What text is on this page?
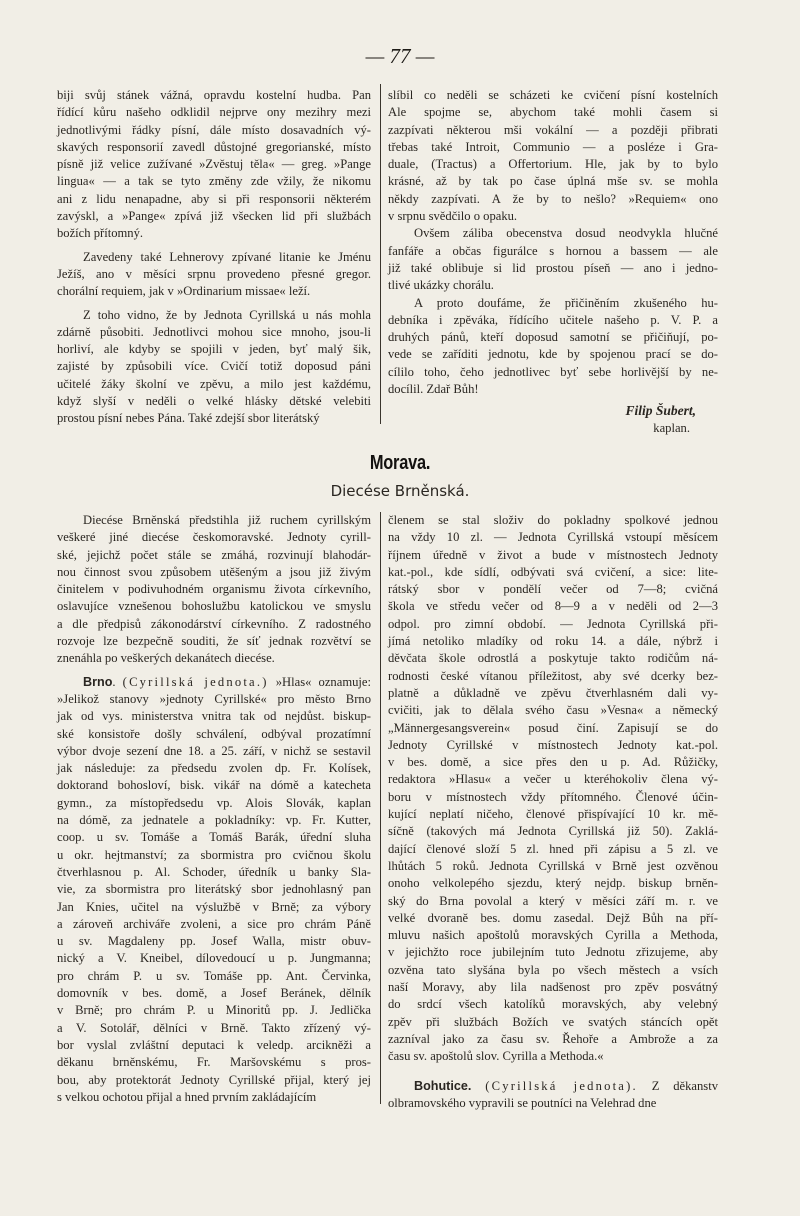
— 77 —

biji svůj stánek vážná, opravdu kostelní hudba. Pan
řídící kůru našeho odklidil nejprve ony mezihry mezi
jednotlivými řádky písní, dále místo dosavadních vý-
skavých responsorií zavedl důstojné gregorianské, místo
písně již velice zužívané »Zvěstuj těla« — greg. »Pange
lingua« — a tak se tyto změny zde vžily, že nikomu
ani z lidu nenapadne, aby si při responsorii některém
zavýskl, a »Pange« zpívá již všecken lid při službách
božích přítomný.

Zavedeny také Lehnerovy zpívané litanie ke Jménu
Ježíš, ano v měsíci srpnu provedeno přesné gregor.
chorální requiem, jak v »Ordinarium missae« leží.

Z toho vidno, že by Jednota Cyrillská u nás mohla
zdárně působiti. Jednotlivci mohou sice mnoho, jsou-li
horliví, ale kdyby se spojili v jeden, byť malý šik,
zajisté by způsobili více. Cvičí totiž doposud páni
učitelé žáky školní ve zpěvu, a milo jest každému,
když slyší v neděli o velké hlásky dětské velebiti
prostou písní nebes Pána. Také zdejší sbor literátský

slíbil co neděli se scházeti ke cvičení písní kostelních
Ale spojme se, abychom také mohli časem si
zazpívati některou mši vokální — a později přibrati
třebas také Introit, Communio — a posléze i Gra-
duale, (Tractus) a Offertorium. Hle, jak by to bylo
krásné, až by tak po čase úplná mše sv. se mohla
někdy zazpívati. A že by to nešlo? »Requiem« ono
v srpnu svědčilo o opaku.

Ovšem záliba obecenstva dosud neodvykla hlučné
fanfáře a občas figurálce s hornou a bassem — ale
již také oblibuje si lid prostou píseň — ano i jedno-
tlivé ukázky chorálu.

A proto doufáme, že přičiněním zkušeného hu-
debníka i zpěváka, řídícího učitele našeho p. V. P. a
druhých pánů, kteří doposud samotní se přičiňují, po-
vede se zaříditi jednotu, kde by spojenou prací se do-
cílilo toho, čeho jednotlivec byť sebe horlivější by ne-
docílil. Zdař Bůh!

Filip Šubert,
kaplan.
Morava.
Diecése Brněnská.

Diecése Brněnská předstihla již ruchem cyrillským
veškeré jiné diecése českomoravské. Jednoty cyrill-
ské, jejichž počet stále se zmáhá, rozvinují blahodár-
nou činnost svou způsobem utěšeným a jsou již živým
činitelem v podivuhodném organismu života církevního,
oslavujíce vznešenou bohoslužbu katolickou ve smyslu
a dle předpisů zákonodárství církevního. Z radostného
rozvoje lze bezpečně souditi, že síť jednak rozvětví se
znenáhla po veškerých dekanátech diecése.

Brno. (Cyrillská jednota.) »Hlas« oznamuje:
»Jelikož stanovy »jednoty Cyrillské« pro město Brno
jak od vys. ministerstva vnitra tak od nejdůst. biskup-
ské konsistoře došly schválení, odbýval prozatímní
výbor dvoje sezení dne 18. a 25. září, v nichž se sestavil
jak následuje: za předsedu zvolen dp. Fr. Kolísek,
doktorand bohosloví, bisk. vikář na dómě a katecheta
gymn., za místopředsedu vp. Alois Slovák, kaplan
na dómě, za jednatele a pokladníky: vp. Fr. Kutter,
coop. u sv. Tomáše a Tomáš Barák, úřední sluha
u okr. hejtmanství; za sbormistra pro cvičnou školu
čtverhlasnou p. Al. Schoder, úředník u banky Sla-
vie, za sbormistra pro literátský sbor jednohlasný pan
Jan Knies, učitel na výslužbě v Brně; za výbory
a zároveň archiváře zvoleni, a sice pro chrám Páně
u sv. Magdaleny pp. Josef Walla, mistr obuv-
nický a V. Kneibel, dílovedoucí u p. Jungmanna;
pro chrám P. u sv. Tomáše pp. Ant. Červinka,
domovník v bes. domě, a Josef Beránek, dělník
v Brně; pro chrám P. u Minoritů pp. J. Jedlička
a V. Sotolář, dělníci v Brně. Takto zřízený vý-
bor vyslal zvláštní deputaci k veledp. arcikněži a
děkanu brněnskému, Fr. Maršovskému s pros-
bou, aby protektorát Jednoty Cyrillské přijal, který jej
s velkou ochotou přijal a hned prvním zakládajícím

členem se stal složiv do pokladny spolkové jednou
na vždy 10 zl. — Jednota Cyrillská vstoupí měsícem
říjnem úředně v život a bude v místnostech Jednoty
kat.-pol., kde sídlí, odbývati svá cvičení, a sice: lite-
rátský sbor v pondělí večer od 7—8; cvičná
škola ve středu večer od 8—9 a v neděli od 2—3
odpol. pro zimní období. — Jednota Cyrillská při-
jímá netoliko mladíky od roku 14. a dále, nýbrž i
děvčata škole odrostlá a poskytuje takto rodičům ná-
rodnosti české vítanou příležitost, aby své dcerky bez-
platně a důkladně ve zpěvu čtverhlasném dali vy-
cvičiti, jak to dělala svého času »Vesna« a německý
„Männergesangsverein« posud činí. Zapisují se do
Jednoty Cyrillské v místnostech Jednoty kat.-pol.
v bes. domě, a sice přes den u p. Ad. Růžičky,
redaktora »Hlasu« a večer u kteréhokoliv člena vý-
boru v místnostech vždy přítomného. Členové účin-
kující neplatí ničeho, členové přispívající 10 kr. mě-
síčně (takových má Jednota Cyrillská již 50). Zaklá-
dající členové složí 5 zl. hned při zápisu a 5 zl. ve
lhůtách 5 roků. Jednota Cyrillská v Brně jest ozvěnou
onoho velkolepého sjezdu, který nejdp. biskup brněn-
ský do Brna povolal a který v měsíci září m. r. ve
velké dvoraně bes. domu zasedal. Dejž Bůh na pří-
mluvu našich apoštolů moravských Cyrilla a Methoda,
v jejichžto roce jubilejním tuto Jednotu zřizujeme, aby
ozvěna tato slyšána byla po všech městech a vsích
naší Moravy, aby lila nadšenost pro zpěv posvátný
do srdcí všech katolíků moravských, aby velebný
zpěv při službách Božích ve svatých stáncích opět
zazníval jako za času sv. Řehoře a Ambrože a za
času sv. apoštolů slov. Cyrilla a Methoda.«

Bohutice. (Cyrillská jednota). Z děkanstv
olbramovského vypravili se poutníci na Velehrad dne
